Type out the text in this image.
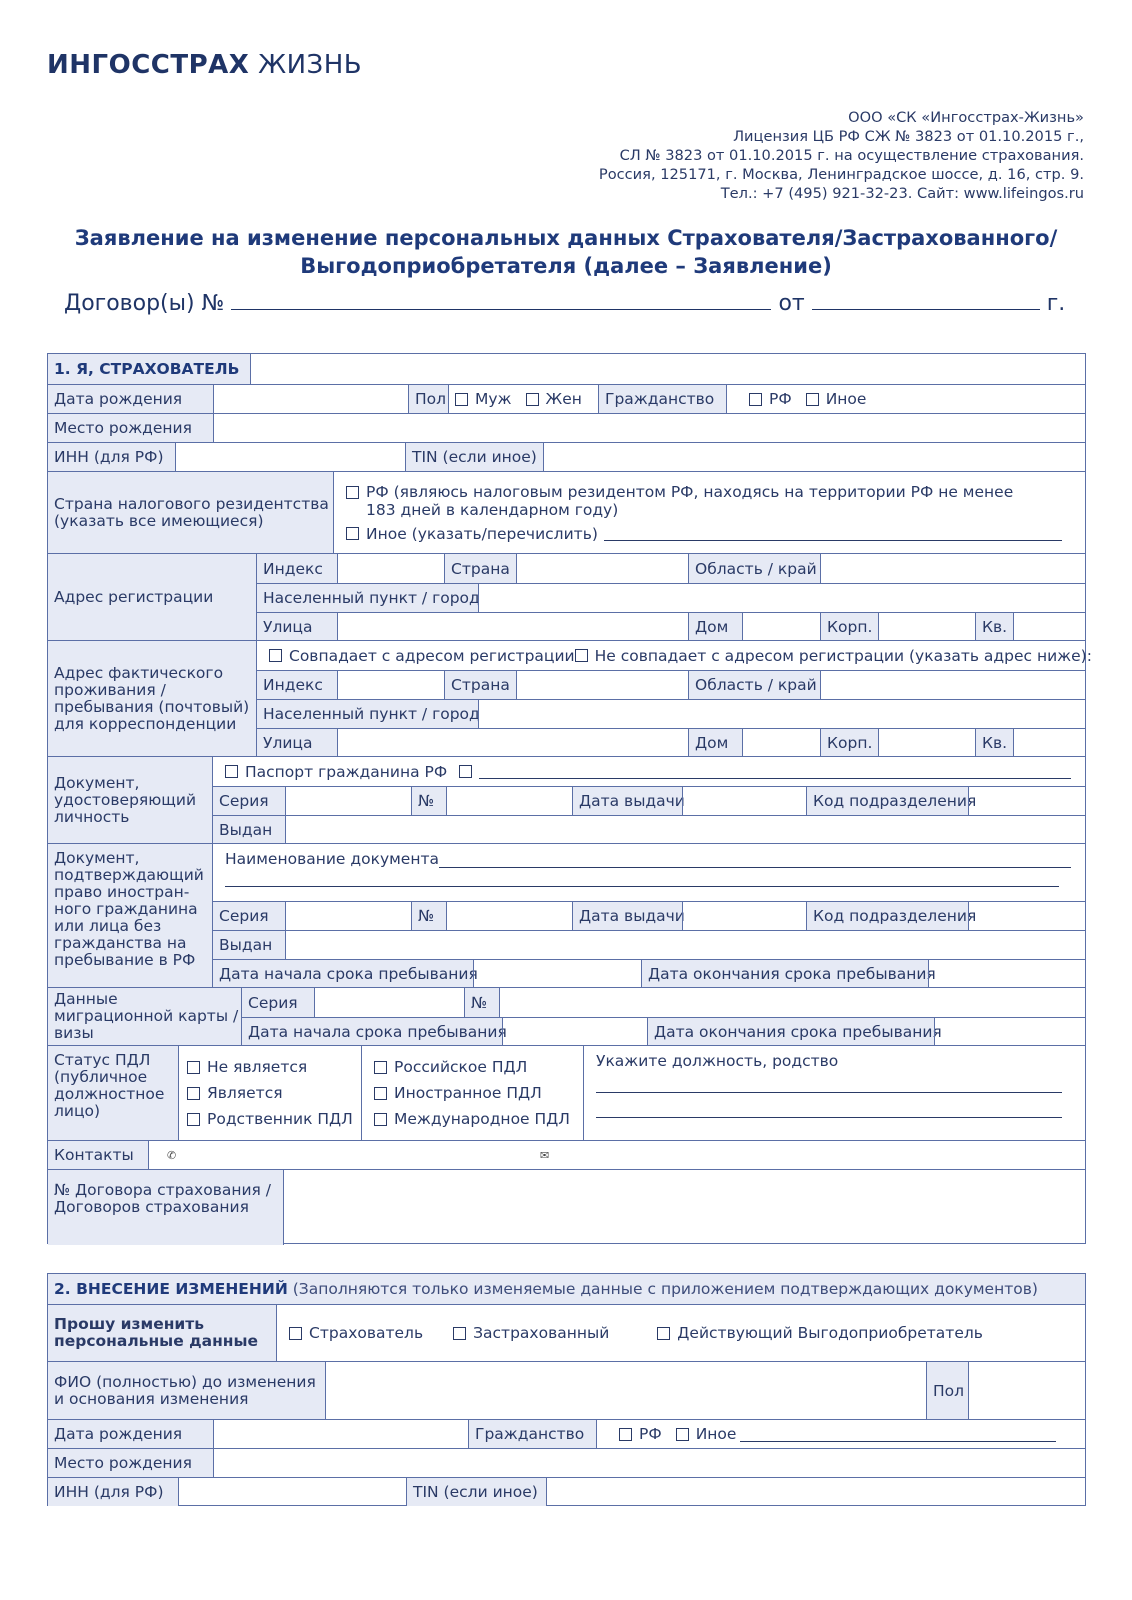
ИНГОССТРАХ ЖИЗНЬ
ООО «СК «Ингосстрах-Жизнь»
Лицензия ЦБ РФ СЖ № 3823 от 01.10.2015 г.,
СЛ № 3823 от 01.10.2015 г. на осуществление страхования.
Россия, 125171, г. Москва, Ленинградское шоссе, д. 16, стр. 9.
Тел.: +7 (495) 921-32-23. Сайт: www.lifeingos.ru
Заявление на изменение персональных данных Страхователя/Застрахованного/
Выгодоприобретателя (далее – Заявление)
Договор(ы) №	от	г.
1. Я, СТРАХОВАТЕЛЬ
Дата рождения	Пол Муж Жен	Гражданство	РФ Иное
Место рождения
ИНН (для РФ)	TIN (если иное)
Страна налогового резидентства (указать все имеющиеся)
РФ (являюсь налоговым резидентом РФ, находясь на территории РФ не менее 183 дней в календарном году)
Иное (указать/перечислить)
Адрес регистрации
Индекс	Страна	Область / край
Населенный пункт / город
Улица	Дом	Корп.	Кв.
Адрес фактического проживания / пребывания (почтовый) для корреспонденции
Совпадает с адресом регистрации Не совпадает с адресом регистрации (указать адрес ниже):
Индекс	Страна	Область / край
Населенный пункт / город
Улица	Дом	Корп.	Кв.
Документ, удостоверяющий личность
Паспорт гражданина РФ
Серия	№	Дата выдачи	Код подразделения
Выдан
Документ, подтверждающий право иностран-ного гражданина или лица без гражданства на пребывание в РФ
Наименование документа
Серия	№	Дата выдачи	Код подразделения
Выдан
Дата начала срока пребывания	Дата окончания срока пребывания
Данные миграционной карты / визы
Серия	№
Дата начала срока пребывания	Дата окончания срока пребывания
Статус ПДЛ (публичное должностное лицо)
Не является
Является
Родственник ПДЛ
Российское ПДЛ
Иностранное ПДЛ
Международное ПДЛ
Укажите должность, родство
Контакты	✆	✉
№ Договора страхования / Договоров страхования
2. ВНЕСЕНИЕ ИЗМЕНЕНИЙ
(Заполняются только изменяемые данные с приложением подтверждающих документов)
Прошу изменить персональные данные	Страхователь	Застрахованный	Действующий Выгодоприобретатель
ФИО (полностью) до изменения и основания изменения	Пол
Дата рождения	Гражданство	РФ Иное
Место рождения
ИНН (для РФ)	TIN (если иное)
